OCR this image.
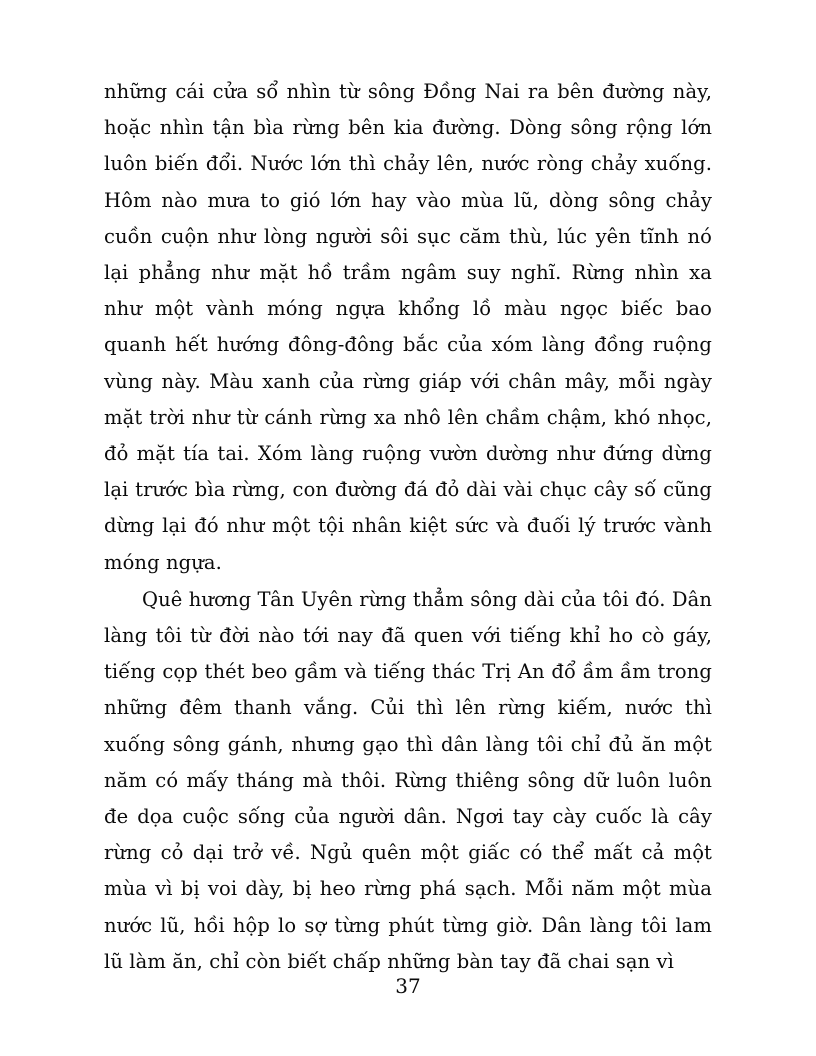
những cái cửa sổ nhìn từ sông Đồng Nai ra bên đường này, hoặc nhìn tận bìa rừng bên kia đường. Dòng sông rộng lớn luôn biến đổi. Nước lớn thì chảy lên, nước ròng chảy xuống. Hôm nào mưa to gió lớn hay vào mùa lũ, dòng sông chảy cuồn cuộn như lòng người sôi sục căm thù, lúc yên tĩnh nó lại phẳng như mặt hồ trầm ngâm suy nghĩ. Rừng nhìn xa như một vành móng ngựa khổng lồ màu ngọc biếc bao quanh hết hướng đông-đông bắc của xóm làng đồng ruộng vùng này. Màu xanh của rừng giáp với chân mây, mỗi ngày mặt trời như từ cánh rừng xa nhô lên chầm chậm, khó nhọc, đỏ mặt tía tai. Xóm làng ruộng vườn dường như đứng dừng lại trước bìa rừng, con đường đá đỏ dài vài chục cây số cũng dừng lại đó như một tội nhân kiệt sức và đuối lý trước vành móng ngựa.

Quê hương Tân Uyên rừng thẳm sông dài của tôi đó. Dân làng tôi từ đời nào tới nay đã quen với tiếng khỉ ho cò gáy, tiếng cọp thét beo gầm và tiếng thác Trị An đổ ầm ầm trong những đêm thanh vắng. Củi thì lên rừng kiếm, nước thì xuống sông gánh, nhưng gạo thì dân làng tôi chỉ đủ ăn một năm có mấy tháng mà thôi. Rừng thiêng sông dữ luôn luôn đe dọa cuộc sống của người dân. Ngơi tay cày cuốc là cây rừng cỏ dại trở về. Ngủ quên một giấc có thể mất cả một mùa vì bị voi dày, bị heo rừng phá sạch. Mỗi năm một mùa nước lũ, hồi hộp lo sợ từng phút từng giờ. Dân làng tôi lam lũ làm ăn, chỉ còn biết chấp những bàn tay đã chai sạn vì

37
